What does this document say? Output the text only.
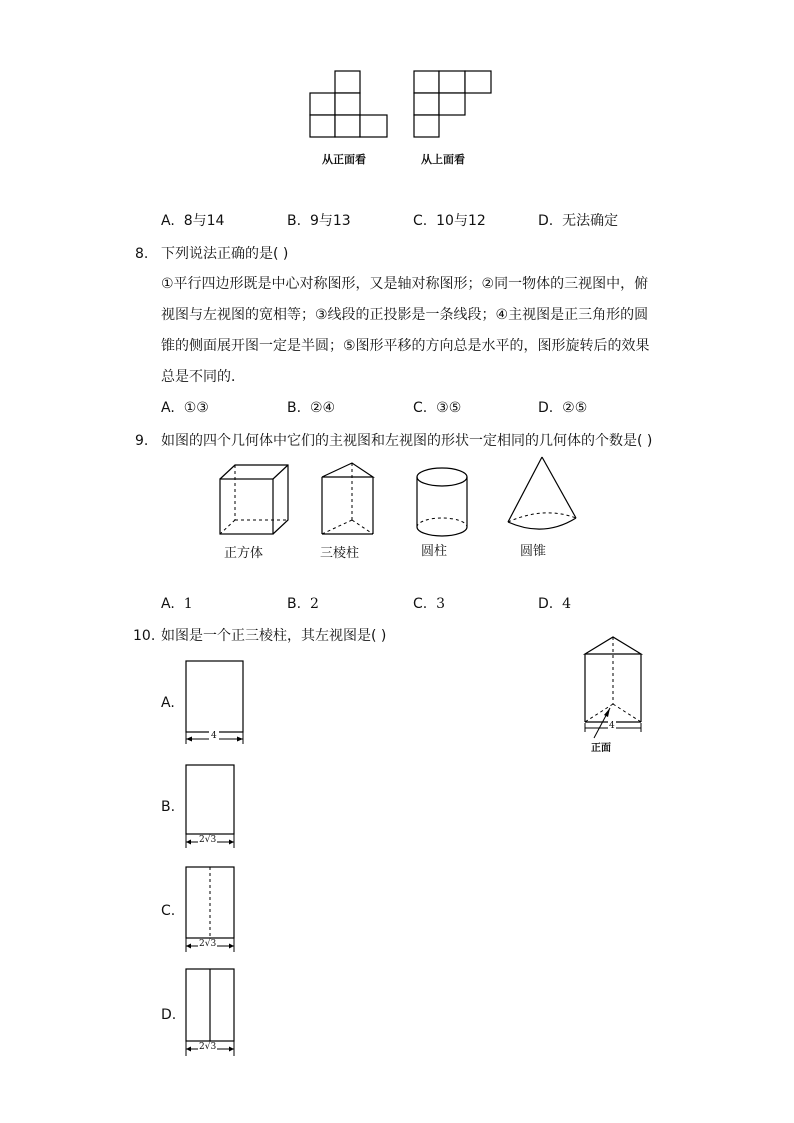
从正面看	从上面看
A. 8与14	B. 9与13	C. 10与12	D. 无法确定
8. 下列说法正确的是( )
①平行四边形既是中心对称图形，又是轴对称图形；②同一物体的三视图中，俯
视图与左视图的宽相等；③线段的正投影是一条线段；④主视图是正三角形的圆
锥的侧面展开图一定是半圆；⑤图形平移的方向总是水平的，图形旋转后的效果
总是不同的．
A. ①③	B. ②④	C. ③⑤	D. ②⑤
9. 如图的四个几何体中它们的主视图和左视图的形状一定相同的几何体的个数是( )
正方体	三棱柱	圆柱	圆锥
A. 1	B. 2	C. 3	D. 4
10. 如图是一个正三棱柱，其左视图是( )
4
正面
A.
4
B.
2√3
C.
2√3
D.
2√3
